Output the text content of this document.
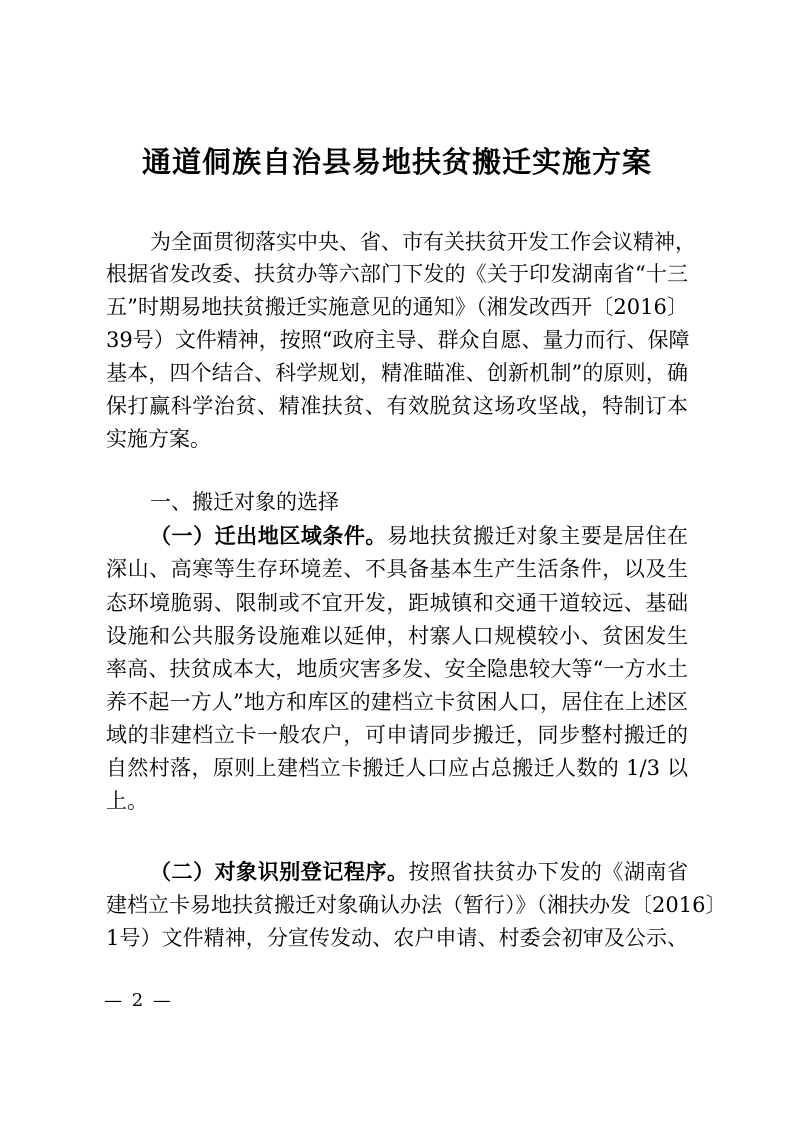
通道侗族自治县易地扶贫搬迁实施方案
为全面贯彻落实中央、省、市有关扶贫开发工作会议精神，
根据省发改委、扶贫办等六部门下发的《关于印发湖南省“十三
五”时期易地扶贫搬迁实施意见的通知》（湘发改西开〔2016〕
39号）文件精神，按照“政府主导、群众自愿、量力而行、保障
基本，四个结合、科学规划，精准瞄准、创新机制”的原则，确
保打赢科学治贫、精准扶贫、有效脱贫这场攻坚战，特制订本
实施方案。
一、搬迁对象的选择
（一）迁出地区域条件。易地扶贫搬迁对象主要是居住在
深山、高寒等生存环境差、不具备基本生产生活条件，以及生
态环境脆弱、限制或不宜开发，距城镇和交通干道较远、基础
设施和公共服务设施难以延伸，村寨人口规模较小、贫困发生
率高、扶贫成本大，地质灾害多发、安全隐患较大等“一方水土
养不起一方人”地方和库区的建档立卡贫困人口，居住在上述区
域的非建档立卡一般农户，可申请同步搬迁，同步整村搬迁的
自然村落，原则上建档立卡搬迁人口应占总搬迁人数的 1/3 以
上。
（二）对象识别登记程序。按照省扶贫办下发的《湖南省
建档立卡易地扶贫搬迁对象确认办法（暂行）》（湘扶办发〔2016〕
1号）文件精神，分宣传发动、农户申请、村委会初审及公示、
— 2 —
